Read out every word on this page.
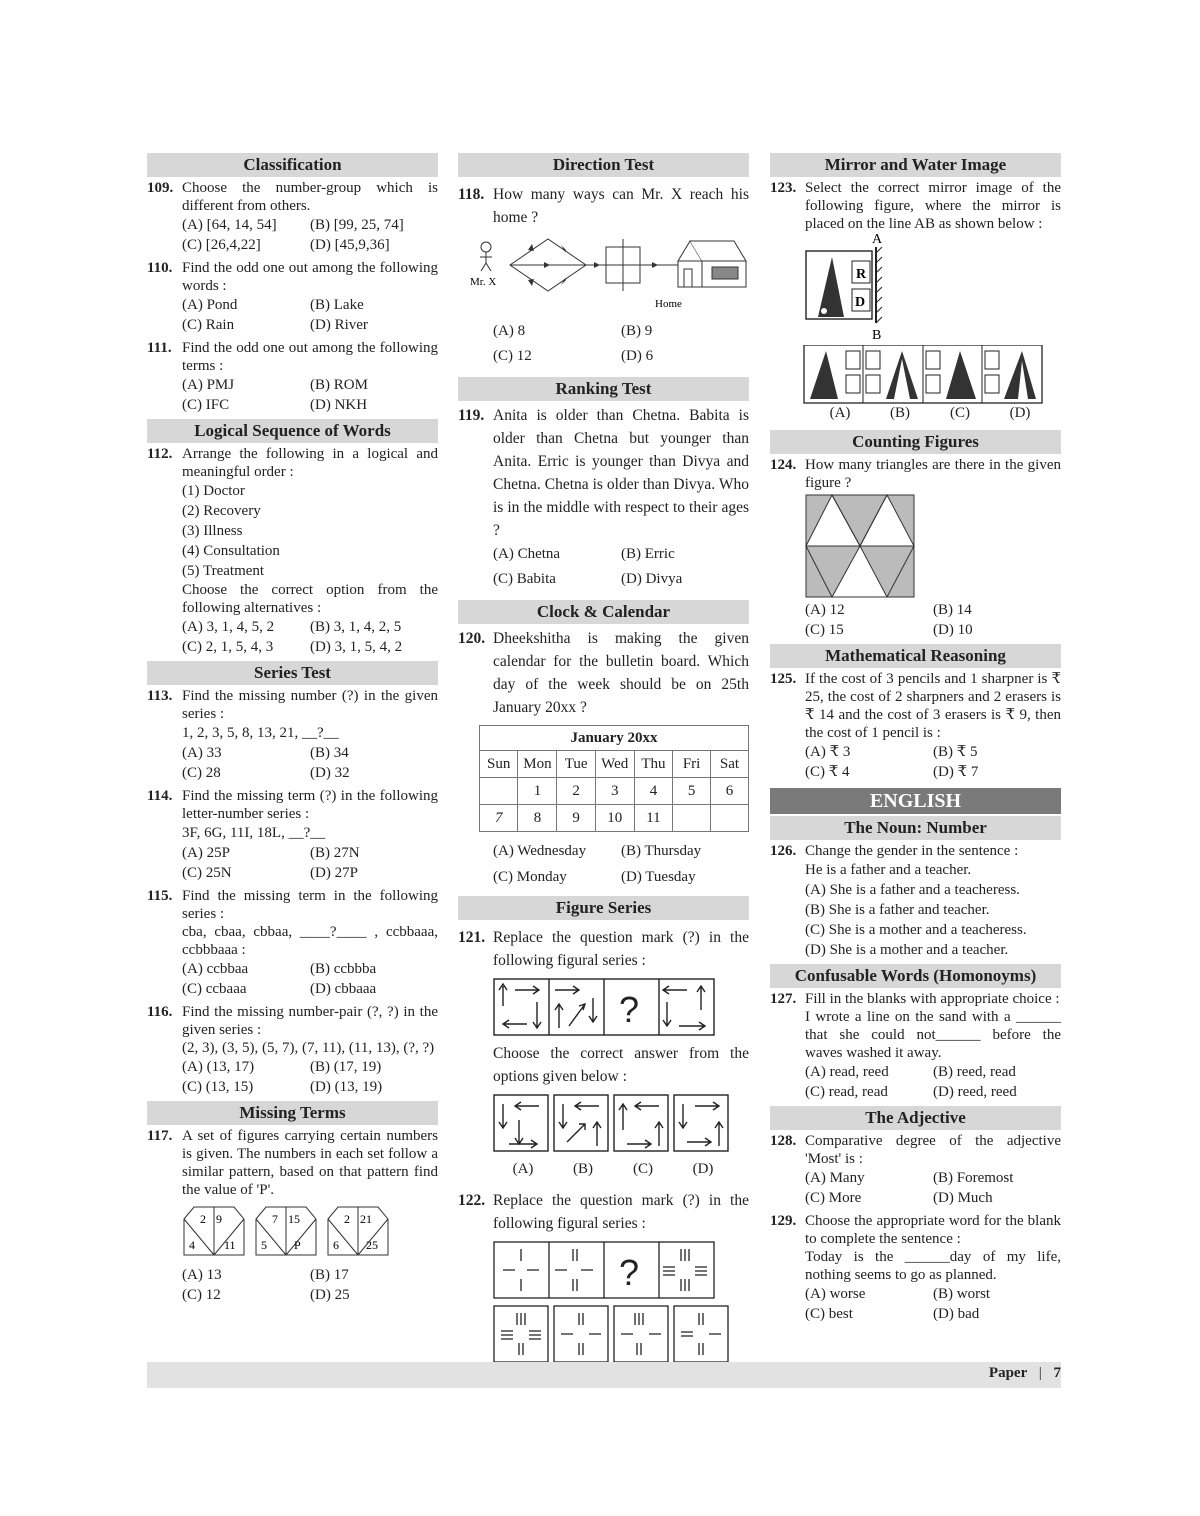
Classification
109. Choose the number-group which is different from others.

(A) [64, 14, 54]	(B) [99, 25, 74]
(C) [26,4,22]	(D) [45,9,36]
110. Find the odd one out among the following words :

(A) Pond	(B) Lake
(C) Rain	(D) River
111. Find the odd one out among the following terms :

(A) PMJ	(B) ROM
(C) IFC	(D) NKH
Logical Sequence of Words
112. Arrange the following in a logical and meaningful order :

(1) Doctor
(2) Recovery
(3) Illness
(4) Consultation
(5) Treatment

Choose the correct option from the following alternatives :

(A) 3, 1, 4, 5, 2	(B) 3, 1, 4, 2, 5
(C) 2, 1, 5, 4, 3	(D) 3, 1, 5, 4, 2
Series Test
113. Find the missing number (?) in the given series :

1, 2, 3, 5, 8, 13, 21, __?__
(A) 33	(B) 34
(C) 28	(D) 32
114. Find the missing term (?) in the following letter-number series :

3F, 6G, 11I, 18L, __?__
(A) 25P	(B) 27N
(C) 25N	(D) 27P
115. Find the missing term in the following series :

cba, cbaa, cbbaa, ____?____ , ccbbaaa, ccbbbaaa :

(A) ccbbaa	(B) ccbbba
(C) ccbaaa	(D) cbbaaa
116. Find the missing number-pair (?, ?) in the given series :

(2, 3), (3, 5), (5, 7), (7, 11), (11, 13), (?, ?)

(A) (13, 17)	(B) (17, 19)
(C) (13, 15)	(D) (13, 19)
Missing Terms
117. A set of figures carrying certain numbers is given. The numbers in each set follow a similar pattern, based on that pattern find the value of 'P'.

2 9
4 11
7 15
5 P
2 21
6 25
(A) 13	(B) 17
(C) 12	(D) 25
Direction Test
118. How many ways can Mr. X reach his home ?

Mr. X
Home
(A) 8	(B) 9
(C) 12	(D) 6
Ranking Test
119. Anita is older than Chetna. Babita is older than Chetna but younger than Anita. Erric is younger than Divya and Chetna. Chetna is older than Divya. Who is in the middle with respect to their ages ?

(A) Chetna	(B) Erric
(C) Babita	(D) Divya
Clock & Calendar
120. Dheekshitha is making the given calendar for the bulletin board. Which day of the week should be on 25th January 20xx ?

January 20xx						
Sun	Mon	Tue	Wed	Thu	Fri	Sat
	1	2	3	4	5	6
7	8	9	10	11		
(A) Wednesday	(B) Thursday
(C) Monday	(D) Tuesday
Figure Series
121. Replace the question mark (?) in the following figural series :

?

Choose the correct answer from the options given below :

(A)	(B)	(C)	(D)
122. Replace the question mark (?) in the following figural series :

?
Mirror and Water Image
123. Select the correct mirror image of the following figure, where the mirror is placed on the line AB as shown below :

A
R
D
B
(A)	(B)	(C)	(D)
Counting Figures
124. How many triangles are there in the given figure ?

(A) 12	(B) 14
(C) 15	(D) 10
Mathematical Reasoning
125. If the cost of 3 pencils and 1 sharpner is ₹ 25, the cost of 2 sharpners and 2 erasers is ₹ 14 and the cost of 3 erasers is ₹ 9, then the cost of 1 pencil is :

(A) ₹ 3	(B) ₹ 5
(C) ₹ 4	(D) ₹ 7
ENGLISH
The Noun: Number
126. Change the gender in the sentence :

He is a father and a teacher.
(A) She is a father and a teacheress.
(B) She is a father and teacher.
(C) She is a mother and a teacheress.
(D) She is a mother and a teacher.
Confusable Words (Homonoyms)
127. Fill in the blanks with appropriate choice :

I wrote a line on the sand with a ______ that she could not______ before the waves washed it away.

(A) read, reed	(B) reed, read
(C) read, read	(D) reed, reed
The Adjective
128. Comparative degree of the adjective 'Most' is :

(A) Many	(B) Foremost
(C) More	(D) Much
129. Choose the appropriate word for the blank to complete the sentence :

Today is the ______day of my life, nothing seems to go as planned.

(A) worse	(B) worst
(C) best	(D) bad
Paper | 7
